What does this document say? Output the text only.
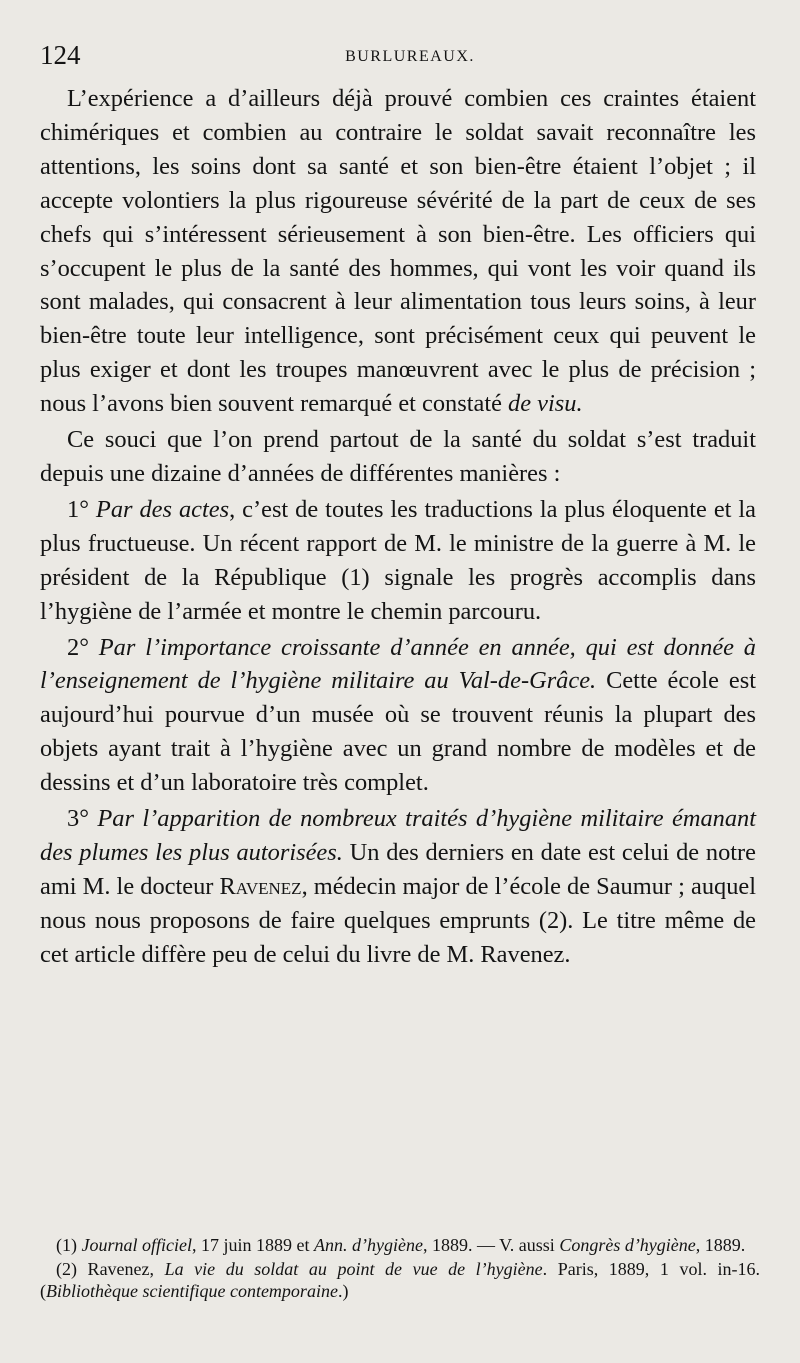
124	BURLUREAUX.

L’expérience a d’ailleurs déjà prouvé combien ces craintes étaient chimériques et combien au contraire le soldat savait reconnaître les attentions, les soins dont sa santé et son bien-être étaient l’objet ; il accepte volontiers la plus rigoureuse sévérité de la part de ceux de ses chefs qui s’intéressent sérieusement à son bien-être. Les officiers qui s’occupent le plus de la santé des hommes, qui vont les voir quand ils sont malades, qui consacrent à leur alimentation tous leurs soins, à leur bien-être toute leur intelligence, sont précisément ceux qui peuvent le plus exiger et dont les troupes manœuvrent avec le plus de précision ; nous l’avons bien souvent remarqué et constaté de visu.

Ce souci que l’on prend partout de la santé du soldat s’est traduit depuis une dizaine d’années de différentes manières :

1° Par des actes, c’est de toutes les traductions la plus éloquente et la plus fructueuse. Un récent rapport de M. le ministre de la guerre à M. le président de la République (1) signale les progrès accomplis dans l’hygiène de l’armée et montre le chemin parcouru.

2° Par l’importance croissante d’année en année, qui est donnée à l’enseignement de l’hygiène militaire au Val-de-Grâce. Cette école est aujourd’hui pourvue d’un musée où se trouvent réunis la plupart des objets ayant trait à l’hygiène avec un grand nombre de modèles et de dessins et d’un laboratoire très complet.

3° Par l’apparition de nombreux traités d’hygiène militaire émanant des plumes les plus autorisées. Un des derniers en date est celui de notre ami M. le docteur Ravenez, médecin major de l’école de Saumur ; auquel nous nous proposons de faire quelques emprunts (2). Le titre même de cet article diffère peu de celui du livre de M. Ravenez.

(1) Journal officiel, 17 juin 1889 et Ann. d’hygiène, 1889. — V. aussi Congrès d’hygiène, 1889.

(2) Ravenez, La vie du soldat au point de vue de l’hygiène. Paris, 1889, 1 vol. in-16. (Bibliothèque scientifique contemporaine.)
